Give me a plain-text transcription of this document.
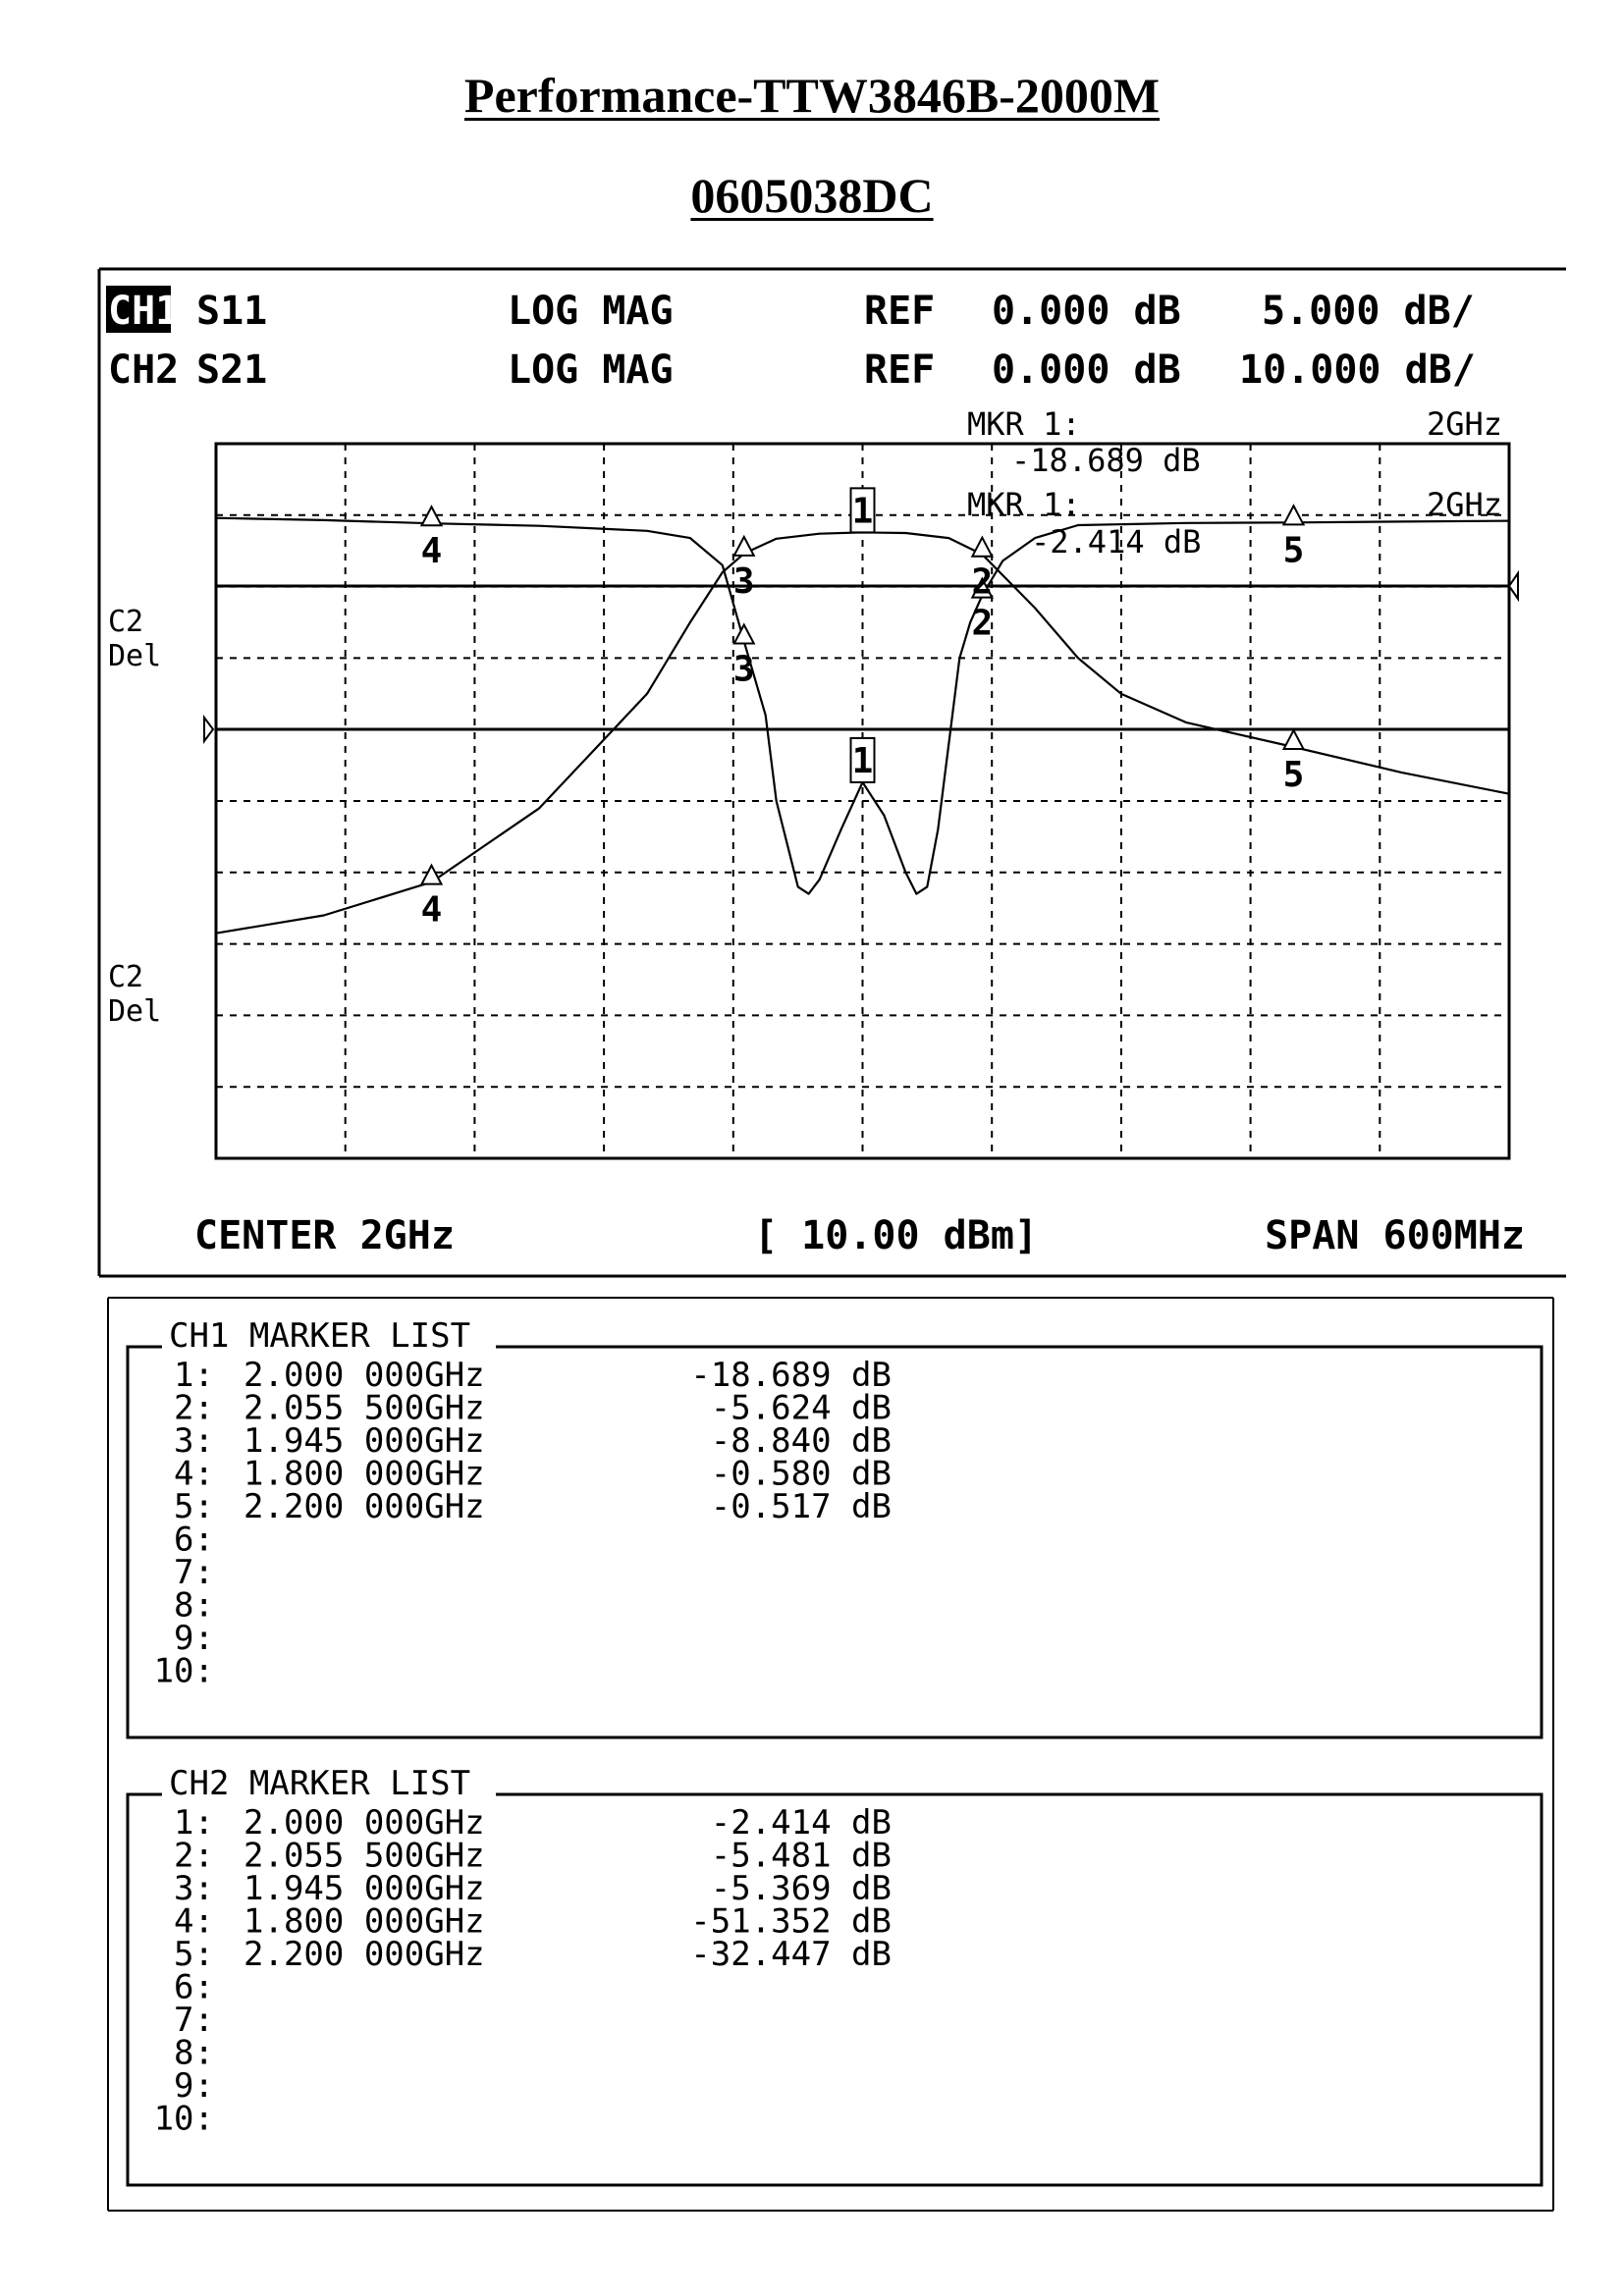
Performance-TTW3846B-2000M
0605038DC
CH1 S11	LOG MAG	REF 0.000 dB 5.000 dB/
CH2 S21	LOG MAG	REF 0.000 dB 10.000 dB/
MKR 1:	2GHz
-18.689 dB
MKR 1:	2GHz
-2.414 dB
C2
Del
C2
Del
1
1
2
2
3
3
4
4
5
5
CENTER 2GHz	[ 10.00 dBm]	SPAN 600MHz
CH1 MARKER LIST
1: 2.000 000GHz	-18.689 dB
2: 2.055 500GHz	-5.624 dB
3: 1.945 000GHz	-8.840 dB
4: 1.800 000GHz	-0.580 dB
5: 2.200 000GHz	-0.517 dB
6:
7:
8:
9:
10:
CH2 MARKER LIST
1: 2.000 000GHz	-2.414 dB
2: 2.055 500GHz	-5.481 dB
3: 1.945 000GHz	-5.369 dB
4: 1.800 000GHz	-51.352 dB
5: 2.200 000GHz	-32.447 dB
6:
7:
8:
9:
10:
